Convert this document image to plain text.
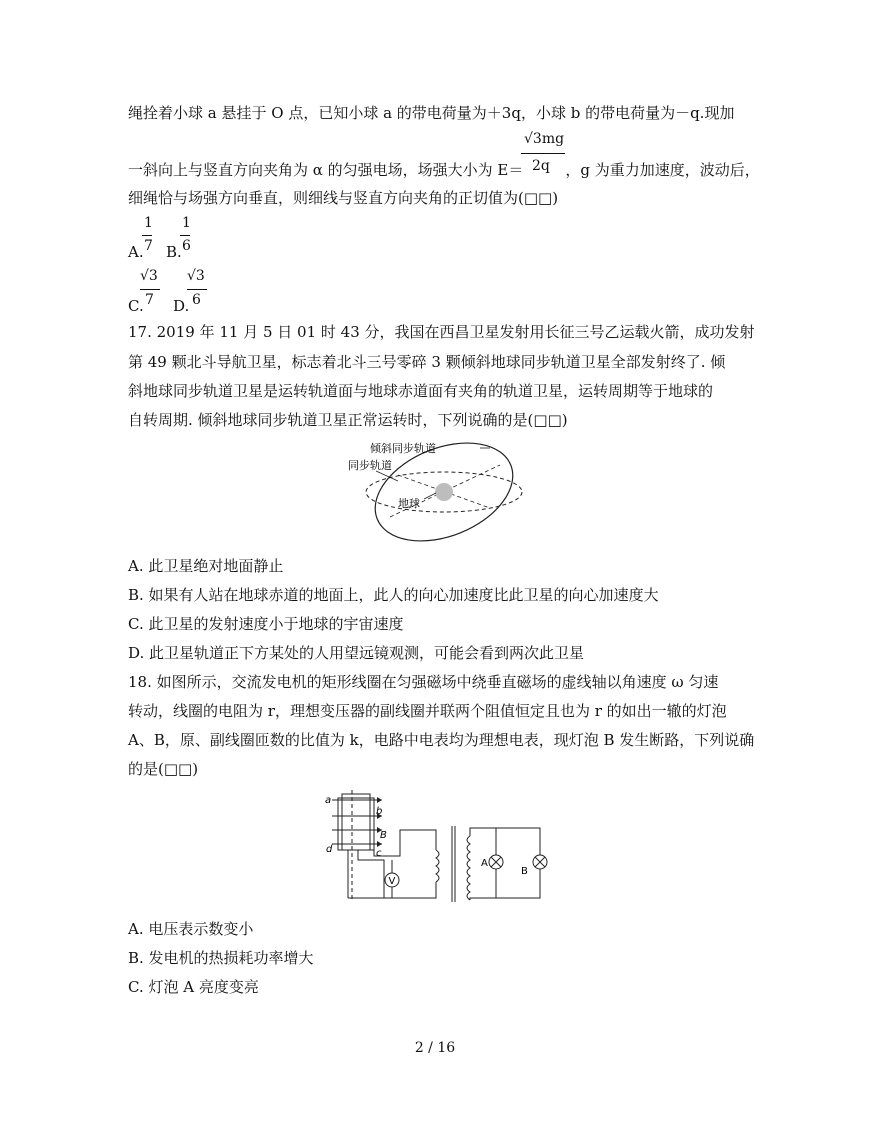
绳拴着小球 a 悬挂于 O 点，已知小球 a 的带电荷量为＋3q，小球 b 的带电荷量为－q.现加
√3mg
一斜向上与竖直方向夹角为 α 的匀强电场，场强大小为 E＝	，g 为重力加速度，波动后，
2q
细绳恰与场强方向垂直，则细线与竖直方向夹角的正切值为(□□)
1
A. 7
1
B. 6
√3
C. 7
√3
D. 6
17. 2019 年 11 月 5 日 01 时 43 分，我国在西昌卫星发射用长征三号乙运载火箭，成功发射
第 49 颗北斗导航卫星，标志着北斗三号零碎 3 颗倾斜地球同步轨道卫星全部发射终了. 倾
斜地球同步轨道卫星是运转轨道面与地球赤道面有夹角的轨道卫星，运转周期等于地球的
自转周期. 倾斜地球同步轨道卫星正常运转时，下列说确的是(□□)
倾斜同步轨道
同步轨道
地球
A. 此卫星绝对地面静止
B. 如果有人站在地球赤道的地面上，此人的向心加速度比此卫星的向心加速度大
C. 此卫星的发射速度小于地球的宇宙速度
D. 此卫星轨道正下方某处的人用望远镜观测，可能会看到两次此卫星
18. 如图所示，交流发电机的矩形线圈在匀强磁场中绕垂直磁场的虚线轴以角速度 ω 匀速
转动，线圈的电阻为 r，理想变压器的副线圈并联两个阻值恒定且也为 r 的如出一辙的灯泡
A、B，原、副线圈匝数的比值为 k，电路中电表均为理想电表，现灯泡 B 发生断路，下列说确
的是(□□)
V
a
b
B
d	c
A
B
A. 电压表示数变小
B. 发电机的热损耗功率增大
C. 灯泡 A 亮度变亮
2 / 16
